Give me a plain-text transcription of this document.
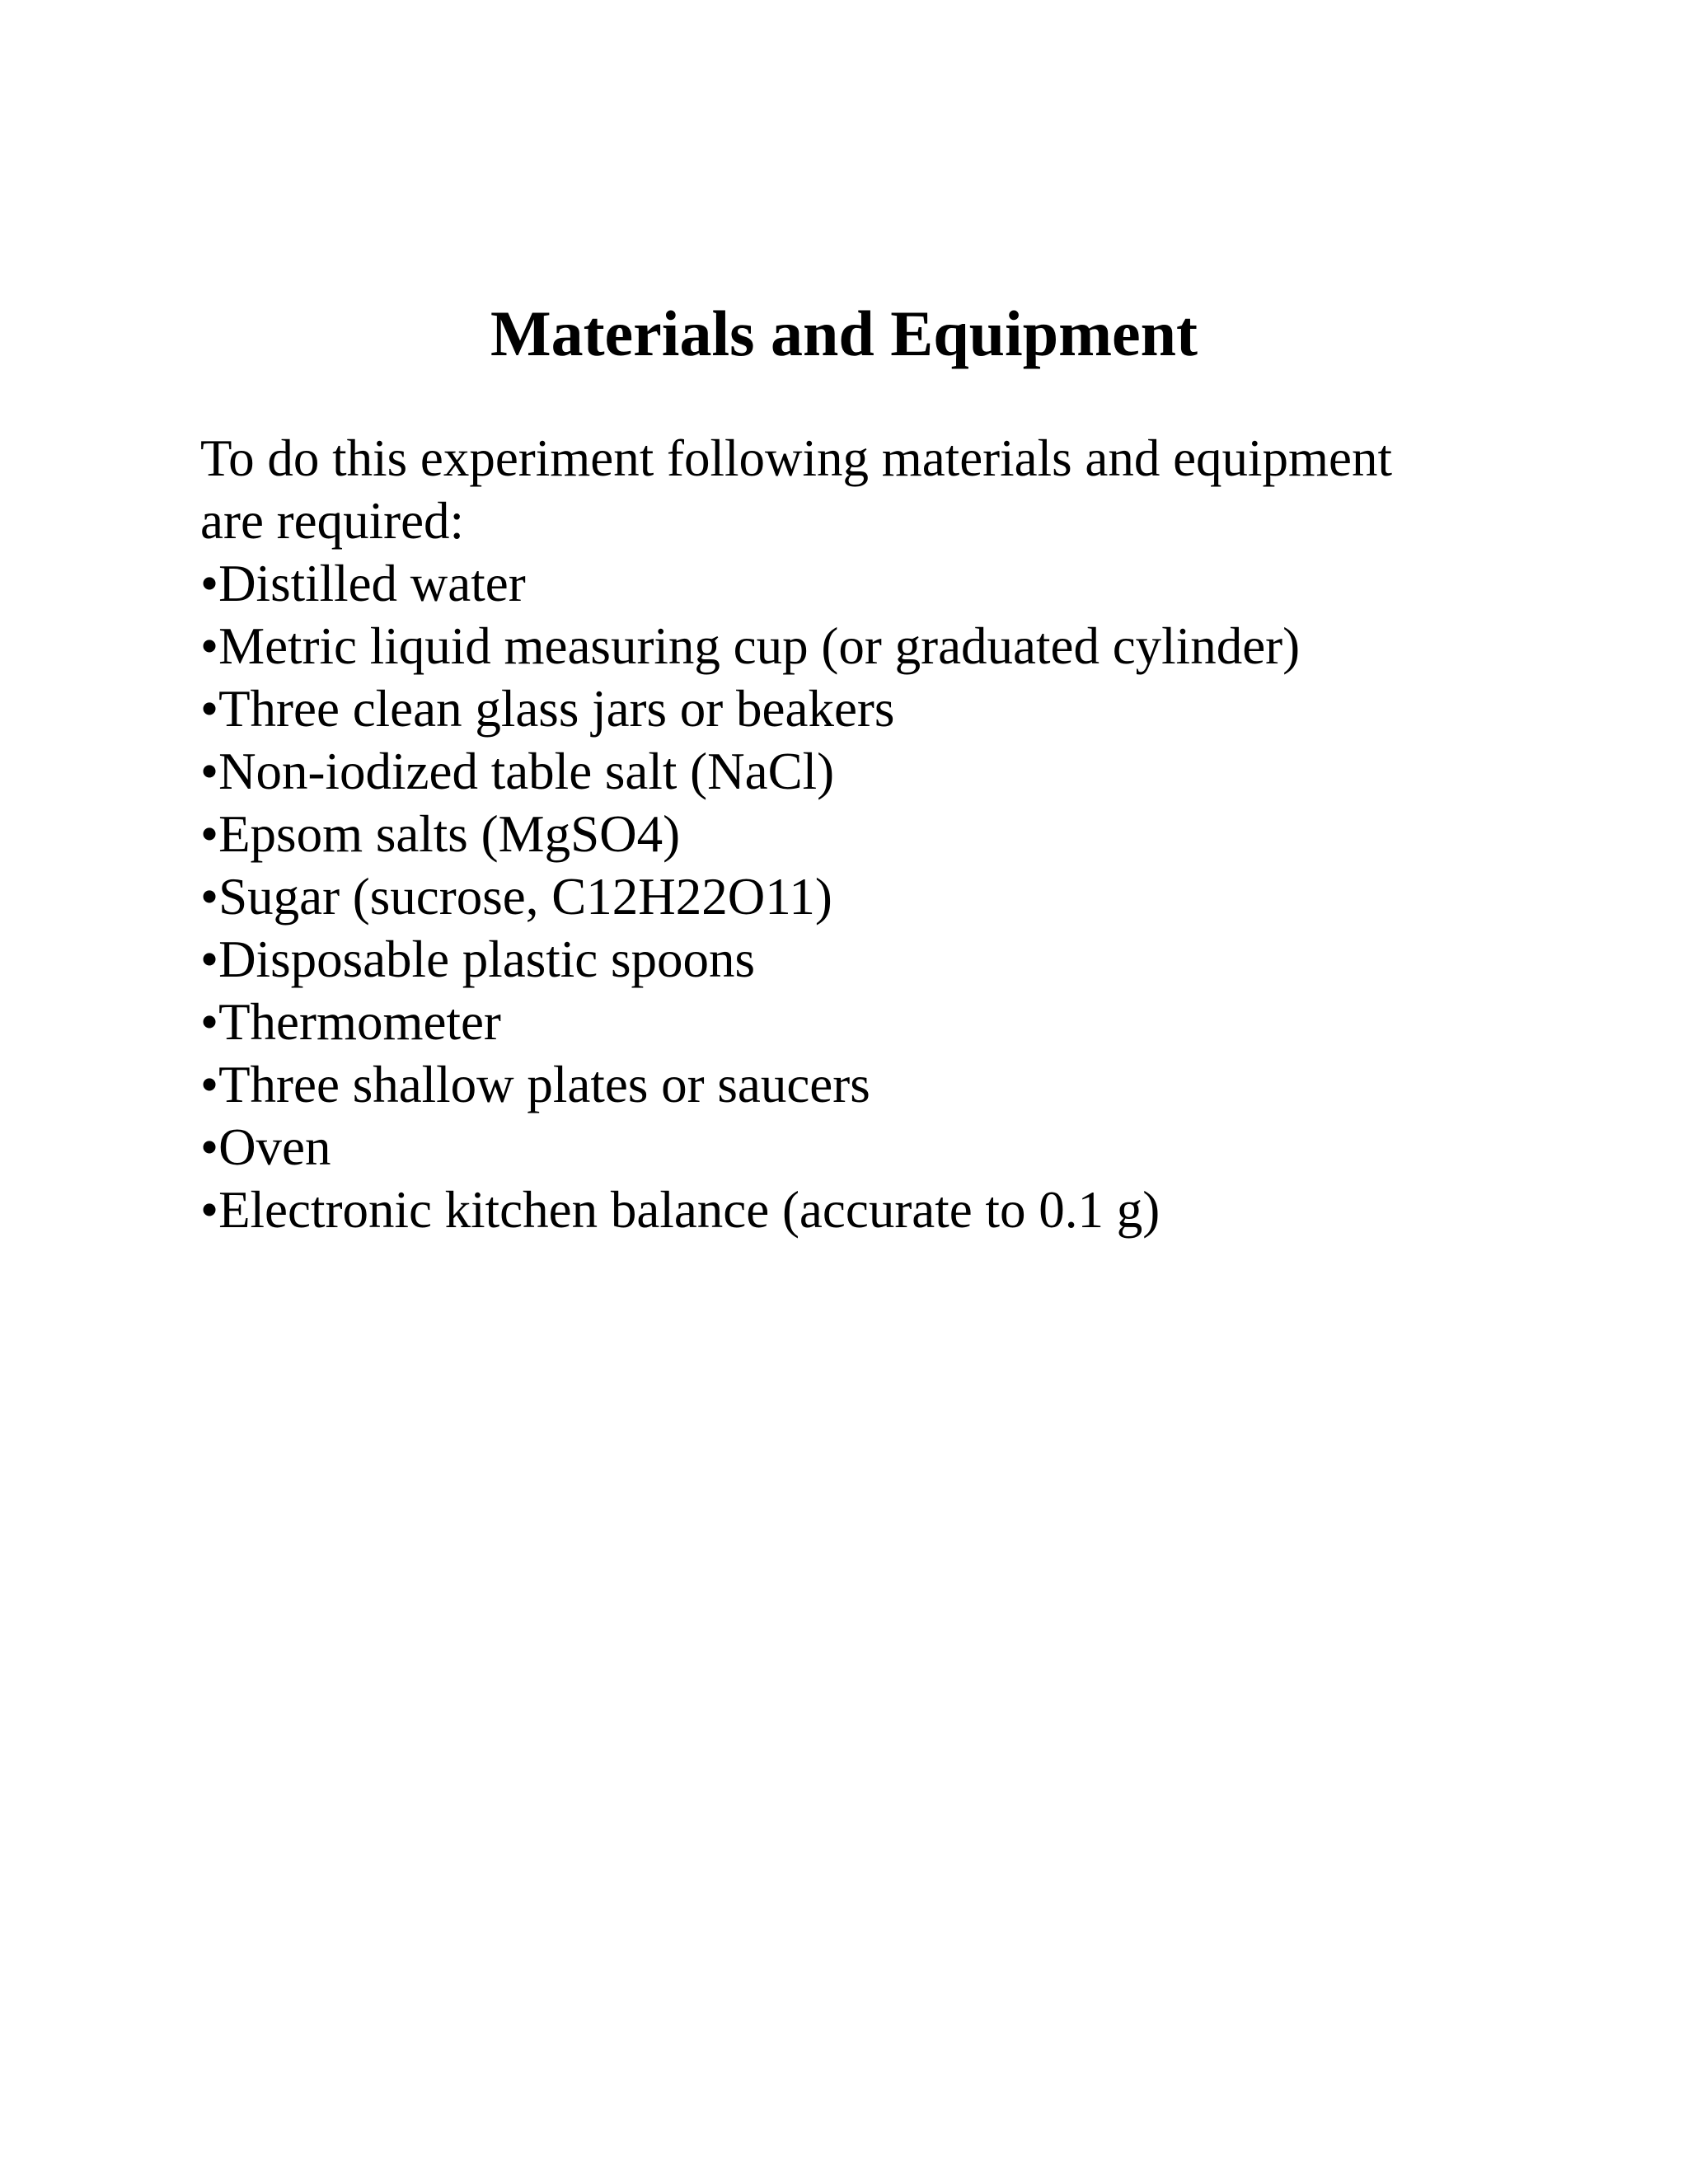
Materials and Equipment

To do this experiment following materials and equipment
are required:

•Distilled water
•Metric liquid measuring cup (or graduated cylinder)
•Three clean glass jars or beakers
•Non-iodized table salt (NaCl)
•Epsom salts (MgSO4)
•Sugar (sucrose, C12H22O11)
•Disposable plastic spoons
•Thermometer
•Three shallow plates or saucers
•Oven
•Electronic kitchen balance (accurate to 0.1 g)
